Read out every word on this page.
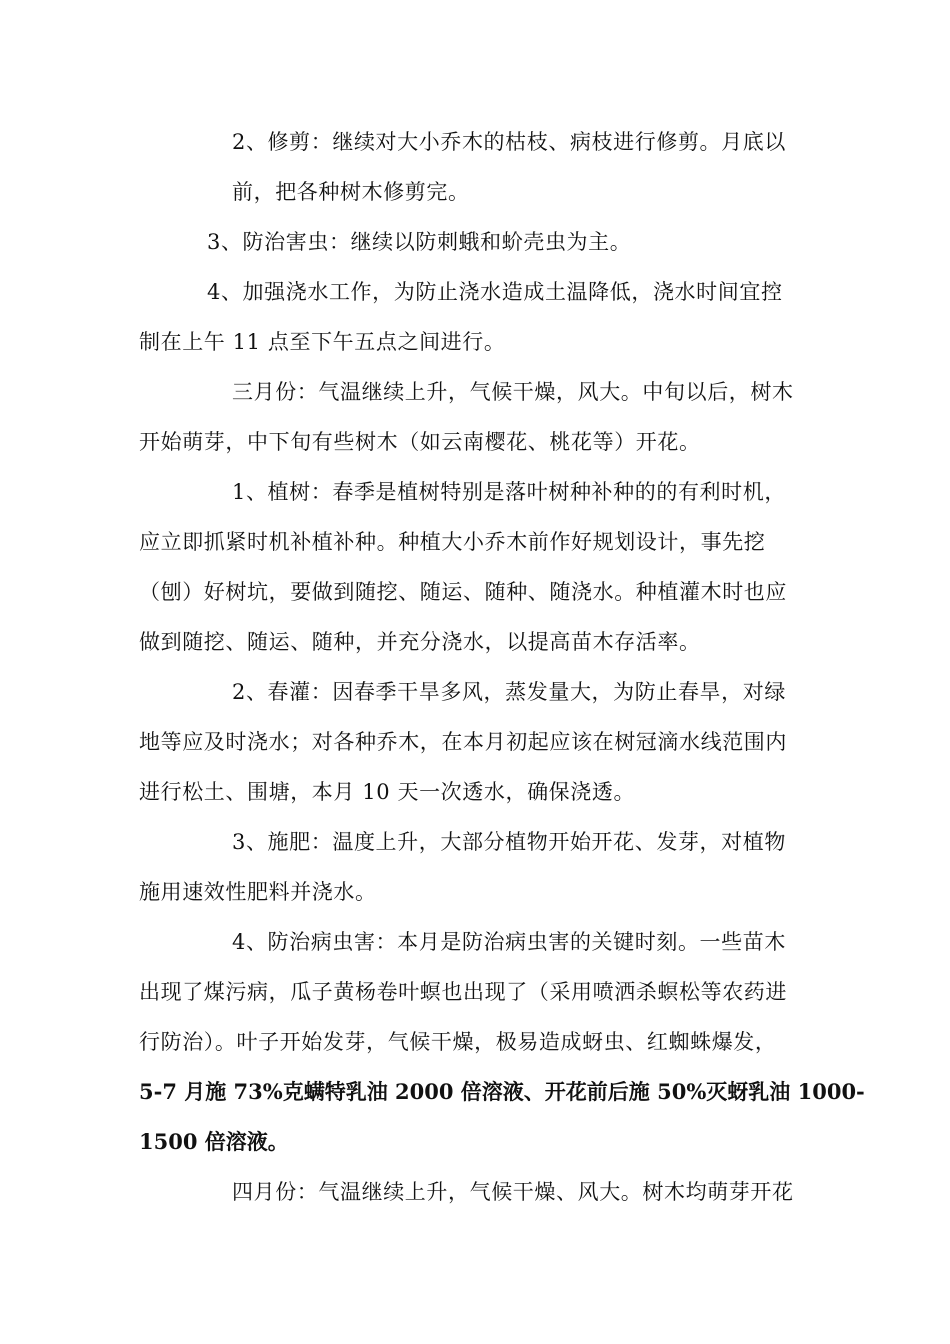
2、修剪：继续对大小乔木的枯枝、病枝进行修剪。月底以
前，把各种树木修剪完。
3、防治害虫：继续以防刺蛾和蚧壳虫为主。
4、加强浇水工作，为防止浇水造成土温降低，浇水时间宜控
制在上午 11 点至下午五点之间进行。
三月份：气温继续上升，气候干燥，风大。中旬以后，树木
开始萌芽，中下旬有些树木（如云南樱花、桃花等）开花。
1、植树：春季是植树特别是落叶树种补种的的有利时机，
应立即抓紧时机补植补种。种植大小乔木前作好规划设计，事先挖
（刨）好树坑，要做到随挖、随运、随种、随浇水。种植灌木时也应
做到随挖、随运、随种，并充分浇水，以提高苗木存活率。
2、春灌：因春季干旱多风，蒸发量大，为防止春旱，对绿
地等应及时浇水；对各种乔木，在本月初起应该在树冠滴水线范围内
进行松土、围塘，本月 10 天一次透水，确保浇透。
3、施肥：温度上升，大部分植物开始开花、发芽，对植物
施用速效性肥料并浇水。
4、防治病虫害：本月是防治病虫害的关键时刻。一些苗木
出现了煤污病，瓜子黄杨卷叶螟也出现了（采用喷洒杀螟松等农药进
行防治）。叶子开始发芽，气候干燥，极易造成蚜虫、红蜘蛛爆发，
5-7 月施 73%克螨特乳油 2000 倍溶液、开花前后施 50%灭蚜乳油 1000-
1500 倍溶液。
四月份：气温继续上升，气候干燥、风大。树木均萌芽开花
